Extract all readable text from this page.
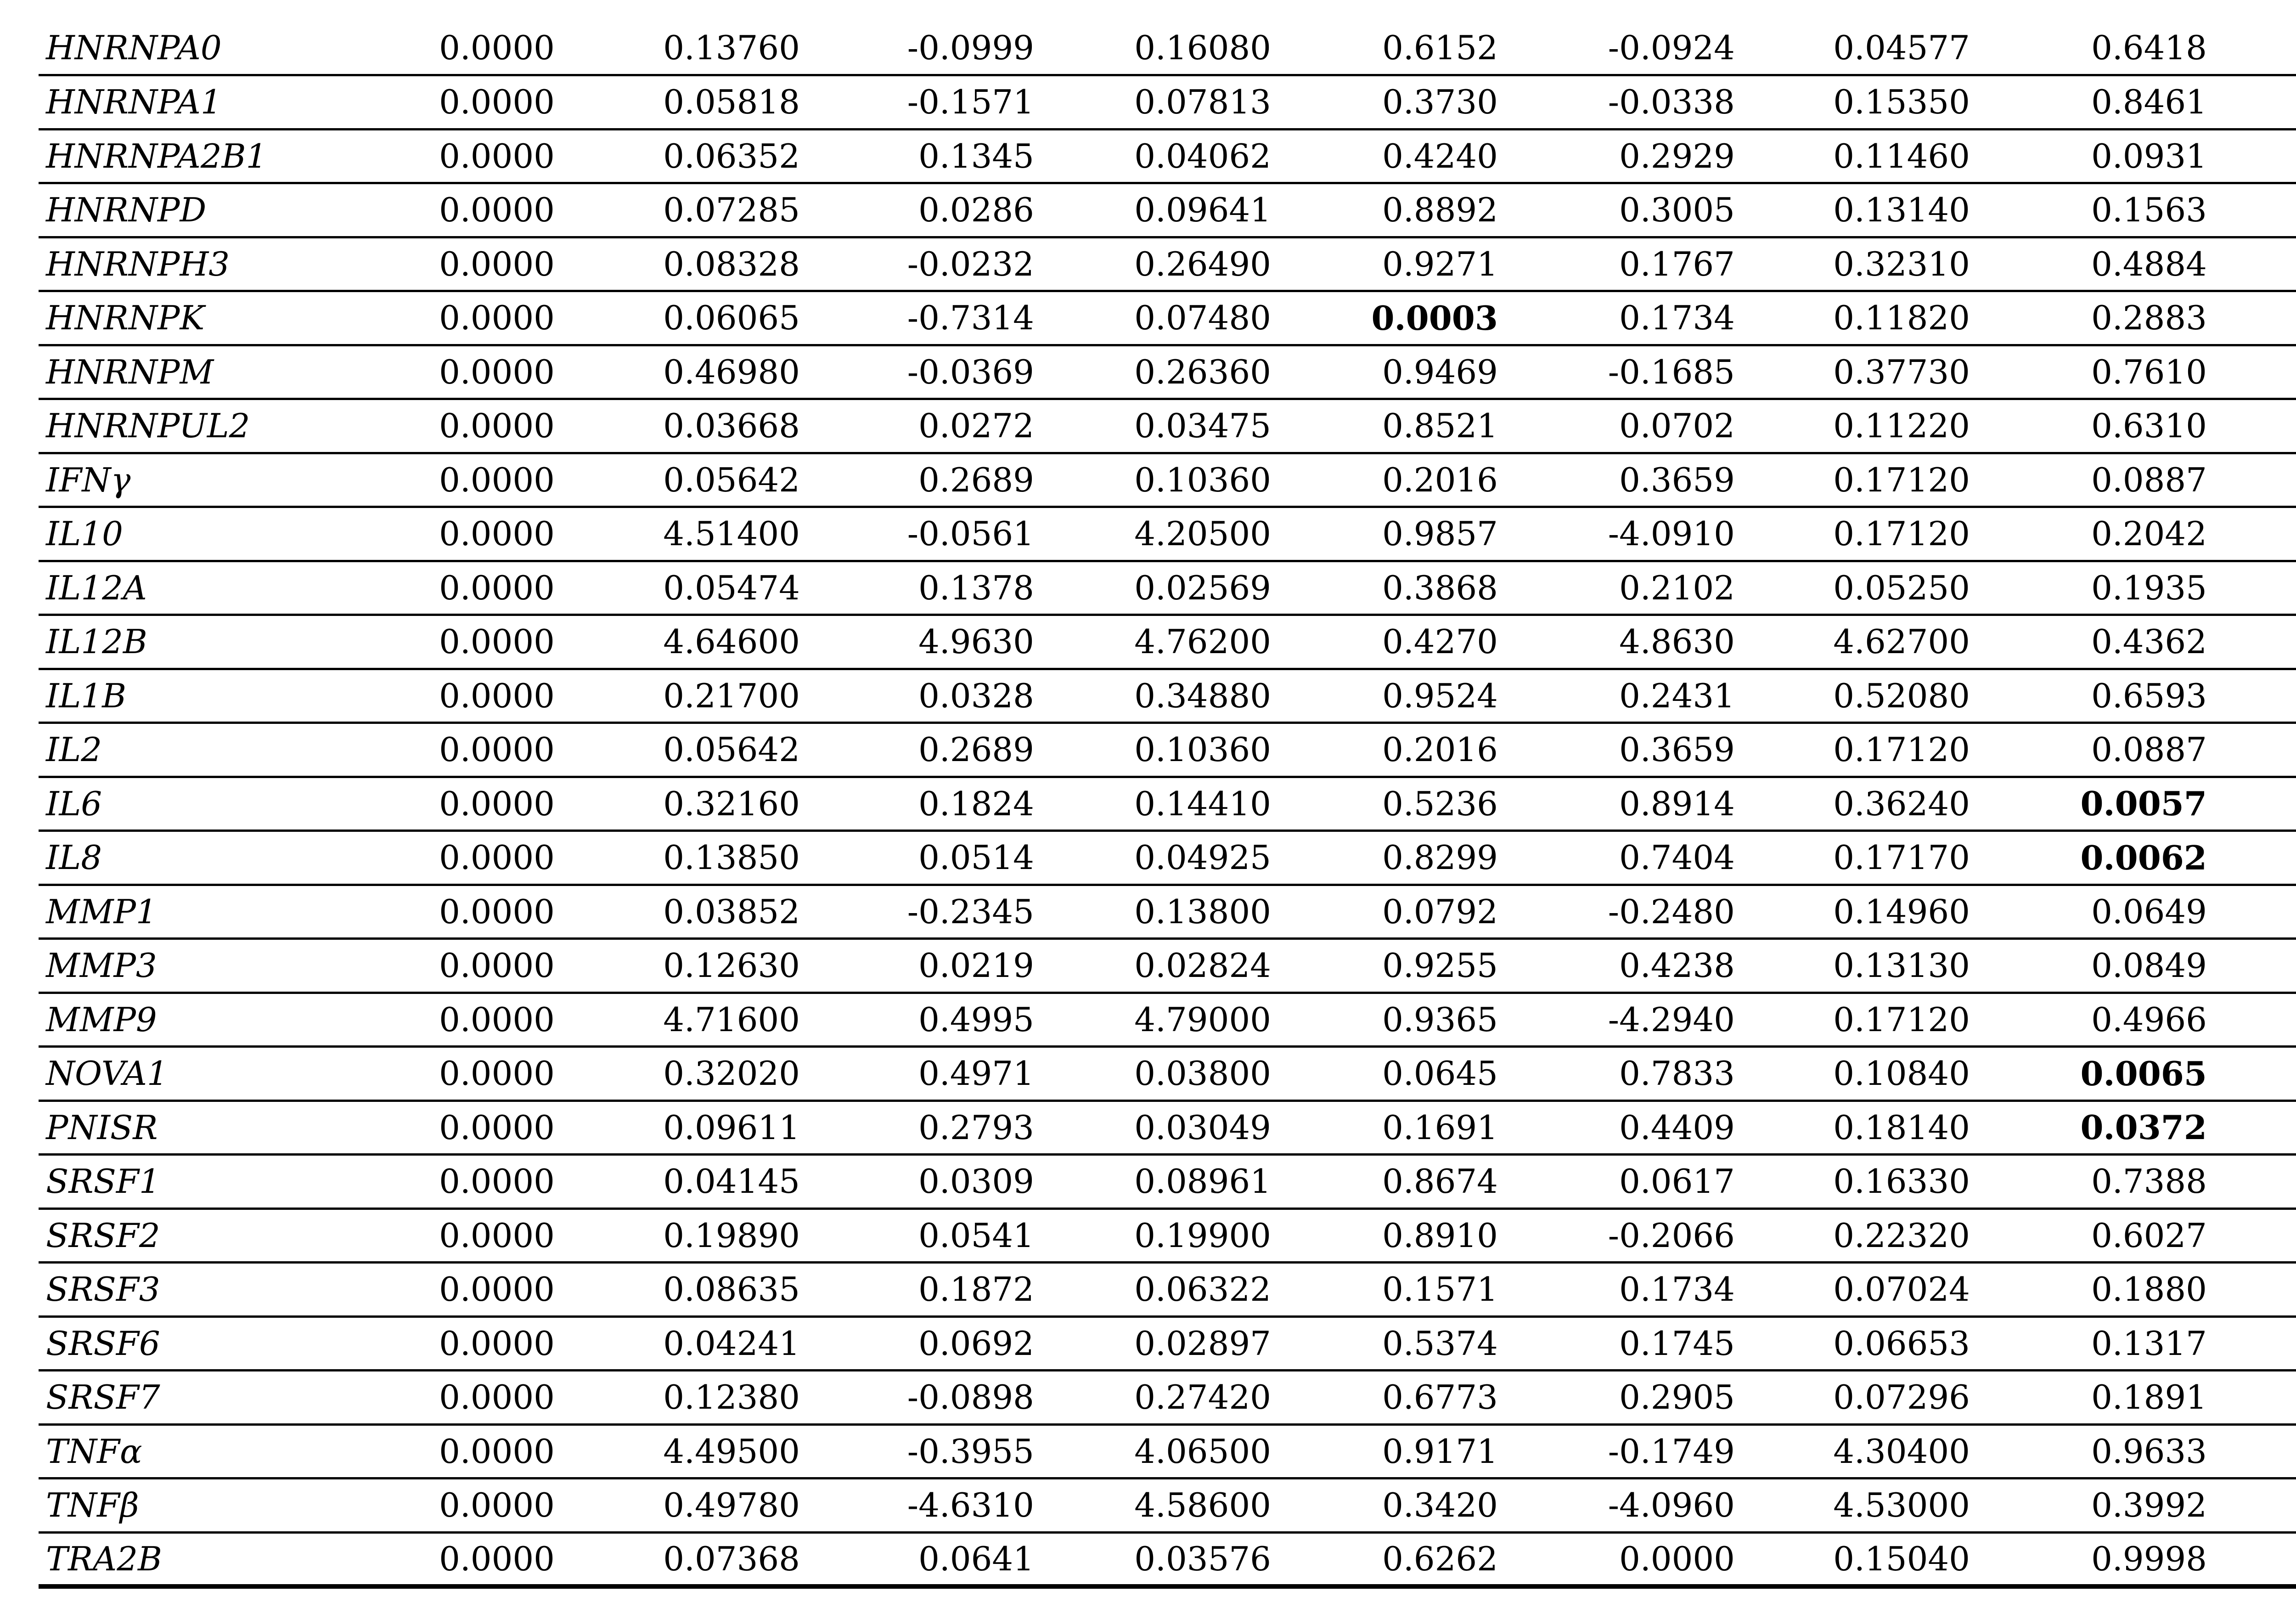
HNRNPA0	0.0000	0.13760	-0.0999	0.16080	0.6152	-0.0924	0.04577	0.6418			
HNRNPA1	0.0000	0.05818	-0.1571	0.07813	0.3730	-0.0338	0.15350	0.8461			
HNRNPA2B1	0.0000	0.06352	0.1345	0.04062	0.4240	0.2929	0.11460	0.0931			
HNRNPD	0.0000	0.07285	0.0286	0.09641	0.8892	0.3005	0.13140	0.1563			
HNRNPH3	0.0000	0.08328	-0.0232	0.26490	0.9271	0.1767	0.32310	0.4884			
HNRNPK	0.0000	0.06065	-0.7314	0.07480	0.0003	0.1734	0.11820	0.2883			
HNRNPM	0.0000	0.46980	-0.0369	0.26360	0.9469	-0.1685	0.37730	0.7610			
HNRNPUL2	0.0000	0.03668	0.0272	0.03475	0.8521	0.0702	0.11220	0.6310			
IFNγ	0.0000	0.05642	0.2689	0.10360	0.2016	0.3659	0.17120	0.0887			
IL10	0.0000	4.51400	-0.0561	4.20500	0.9857	-4.0910	0.17120	0.2042			
IL12A	0.0000	0.05474	0.1378	0.02569	0.3868	0.2102	0.05250	0.1935			
IL12B	0.0000	4.64600	4.9630	4.76200	0.4270	4.8630	4.62700	0.4362			
IL1B	0.0000	0.21700	0.0328	0.34880	0.9524	0.2431	0.52080	0.6593			
IL2	0.0000	0.05642	0.2689	0.10360	0.2016	0.3659	0.17120	0.0887			
IL6	0.0000	0.32160	0.1824	0.14410	0.5236	0.8914	0.36240	0.0057			
IL8	0.0000	0.13850	0.0514	0.04925	0.8299	0.7404	0.17170	0.0062			
MMP1	0.0000	0.03852	-0.2345	0.13800	0.0792	-0.2480	0.14960	0.0649			
MMP3	0.0000	0.12630	0.0219	0.02824	0.9255	0.4238	0.13130	0.0849			
MMP9	0.0000	4.71600	0.4995	4.79000	0.9365	-4.2940	0.17120	0.4966			
NOVA1	0.0000	0.32020	0.4971	0.03800	0.0645	0.7833	0.10840	0.0065			
PNISR	0.0000	0.09611	0.2793	0.03049	0.1691	0.4409	0.18140	0.0372			
SRSF1	0.0000	0.04145	0.0309	0.08961	0.8674	0.0617	0.16330	0.7388			
SRSF2	0.0000	0.19890	0.0541	0.19900	0.8910	-0.2066	0.22320	0.6027			
SRSF3	0.0000	0.08635	0.1872	0.06322	0.1571	0.1734	0.07024	0.1880			
SRSF6	0.0000	0.04241	0.0692	0.02897	0.5374	0.1745	0.06653	0.1317			
SRSF7	0.0000	0.12380	-0.0898	0.27420	0.6773	0.2905	0.07296	0.1891			
TNFα	0.0000	4.49500	-0.3955	4.06500	0.9171	-0.1749	4.30400	0.9633			
TNFβ	0.0000	0.49780	-4.6310	4.58600	0.3420	-4.0960	4.53000	0.3992			
TRA2B	0.0000	0.07368	0.0641	0.03576	0.6262	0.0000	0.15040	0.9998			
